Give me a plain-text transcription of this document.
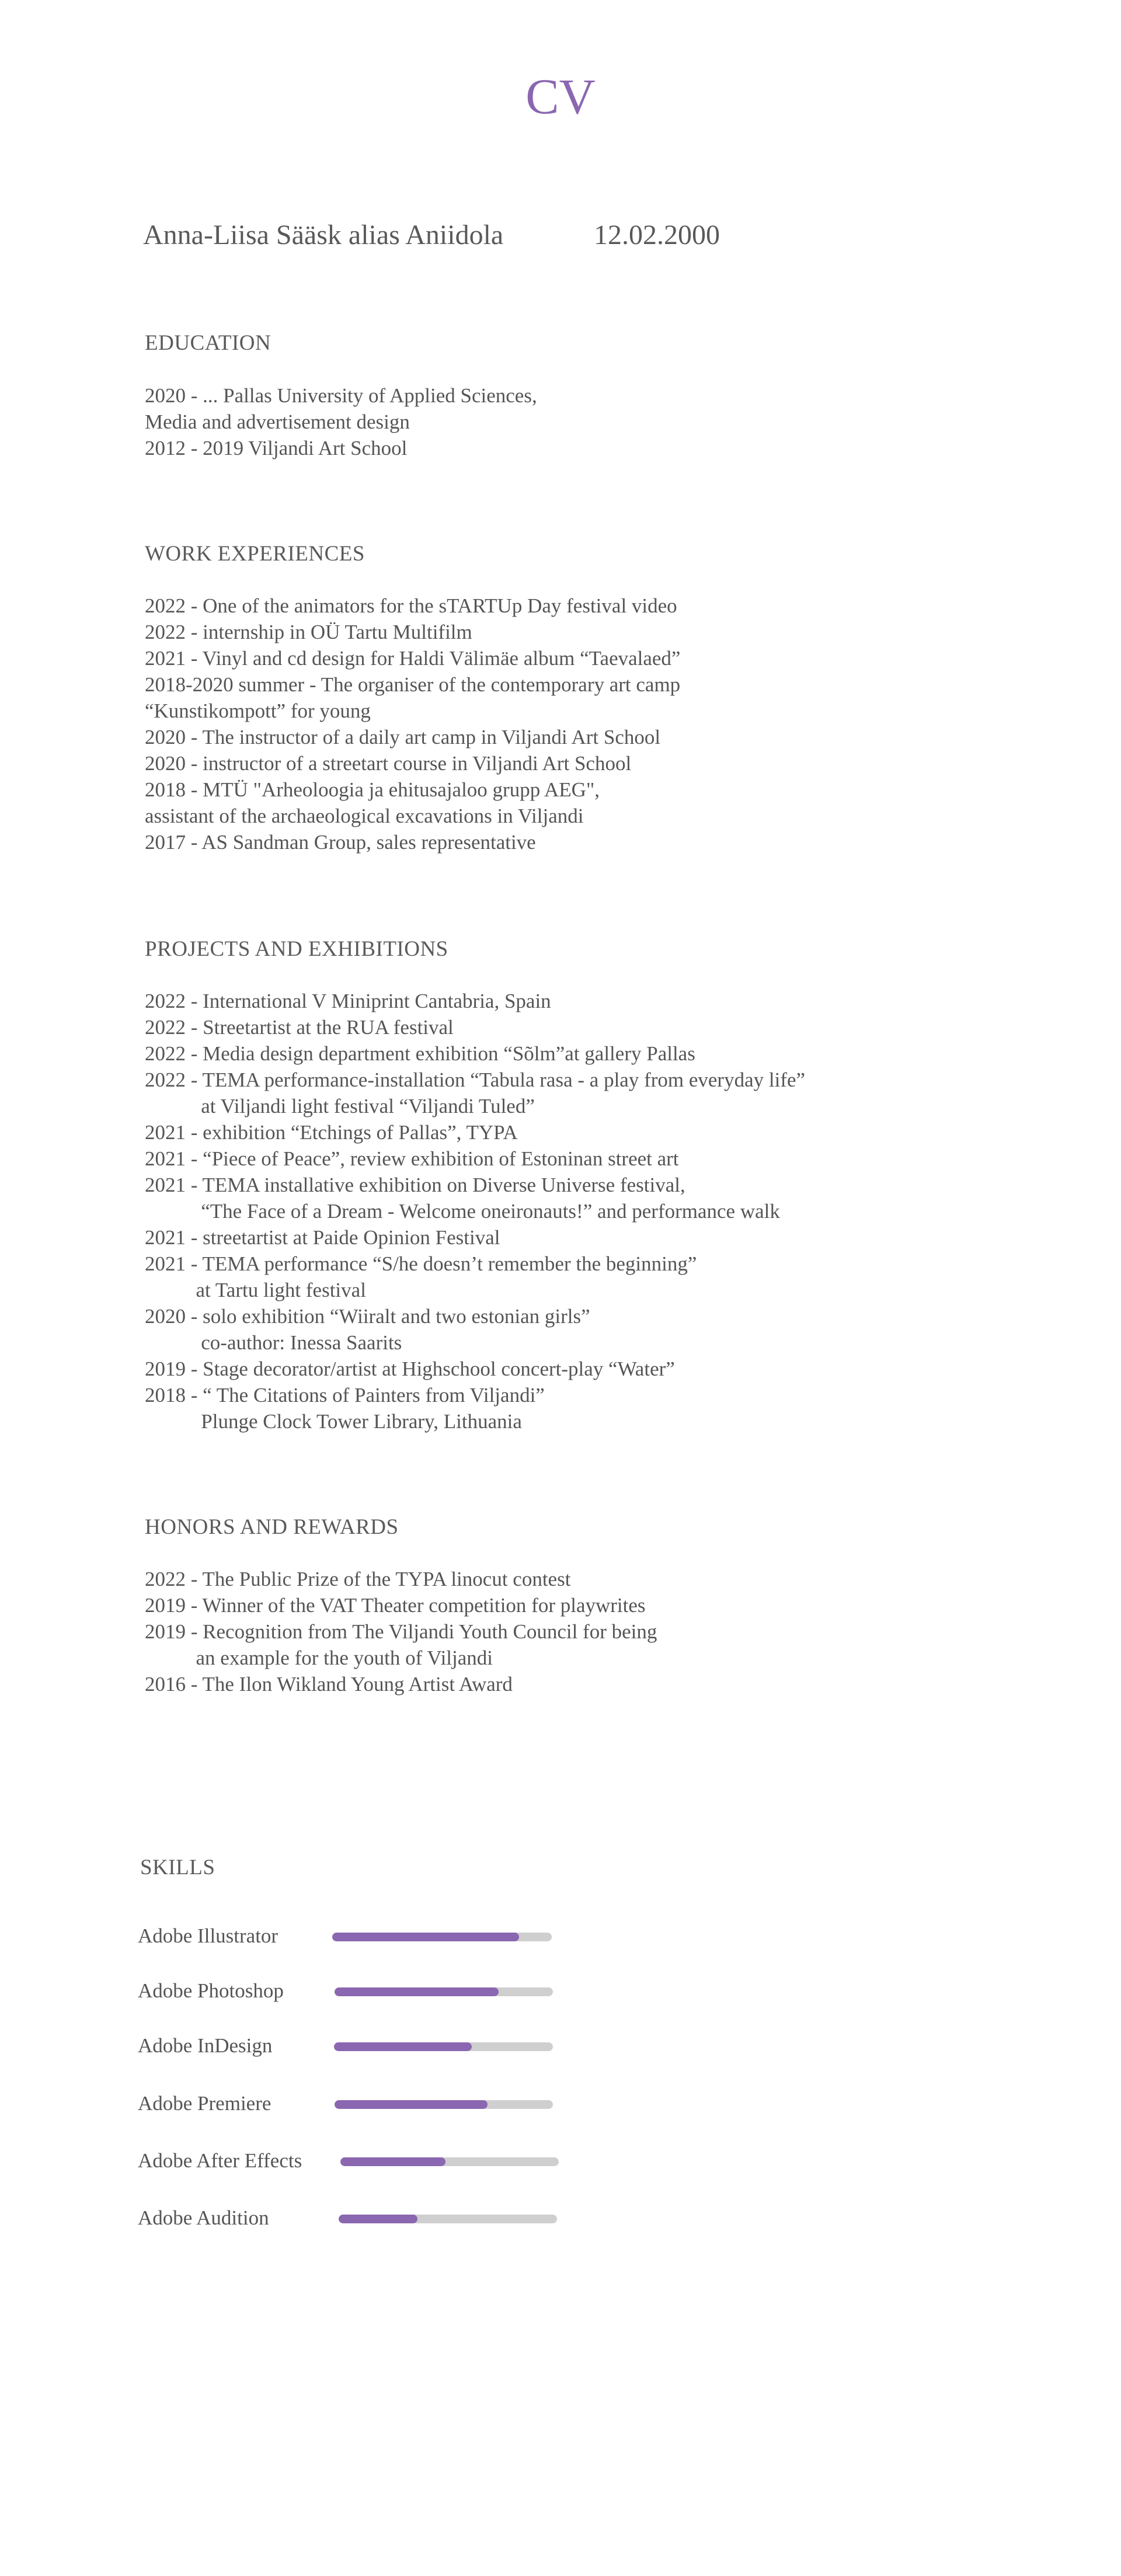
CV
Anna-Liisa Sääsk alias Aniidola	12.02.2000
EDUCATION
2020 - ... Pallas University of Applied Sciences,
Media and advertisement design
2012 - 2019 Viljandi Art School
WORK EXPERIENCES
2022 - One of the animators for the sTARTUp Day festival video
2022 - internship in OÜ Tartu Multifilm
2021 - Vinyl and cd design for Haldi Välimäe album “Taevalaed”
2018-2020 summer - The organiser of the contemporary art camp
“Kunstikompott” for young
2020 - The instructor of a daily art camp in Viljandi Art School
2020 - instructor of a streetart course in Viljandi Art School
2018 - MTÜ "Arheoloogia ja ehitusajaloo grupp AEG",
assistant of the archaeological excavations in Viljandi
2017 - AS Sandman Group, sales representative
PROJECTS AND EXHIBITIONS
2022 - International V Miniprint Cantabria, Spain
2022 - Streetartist at the RUA festival
2022 - Media design department exhibition “Sõlm”at gallery Pallas
2022 - TEMA performance-installation “Tabula rasa - a play from everyday life”
at Viljandi light festival “Viljandi Tuled”
2021 - exhibition “Etchings of Pallas”, TYPA
2021 - “Piece of Peace”, review exhibition of Estoninan street art
2021 - TEMA installative exhibition on Diverse Universe festival,
“The Face of a Dream - Welcome oneironauts!” and performance walk
2021 - streetartist at Paide Opinion Festival
2021 - TEMA performance “S/he doesn’t remember the beginning”
at Tartu light festival
2020 - solo exhibition “Wiiralt and two estonian girls”
co-author: Inessa Saarits
2019 - Stage decorator/artist at Highschool concert-play “Water”
2018 - “ The Citations of Painters from Viljandi”
Plunge Clock Tower Library, Lithuania
HONORS AND REWARDS
2022 - The Public Prize of the TYPA linocut contest
2019 - Winner of the VAT Theater competition for playwrites
2019 - Recognition from The Viljandi Youth Council for being
an example for the youth of Viljandi
2016 - The Ilon Wikland Young Artist Award
SKILLS
Adobe Illustrator
Adobe Photoshop
Adobe InDesign
Adobe Premiere
Adobe After Effects
Adobe Audition
